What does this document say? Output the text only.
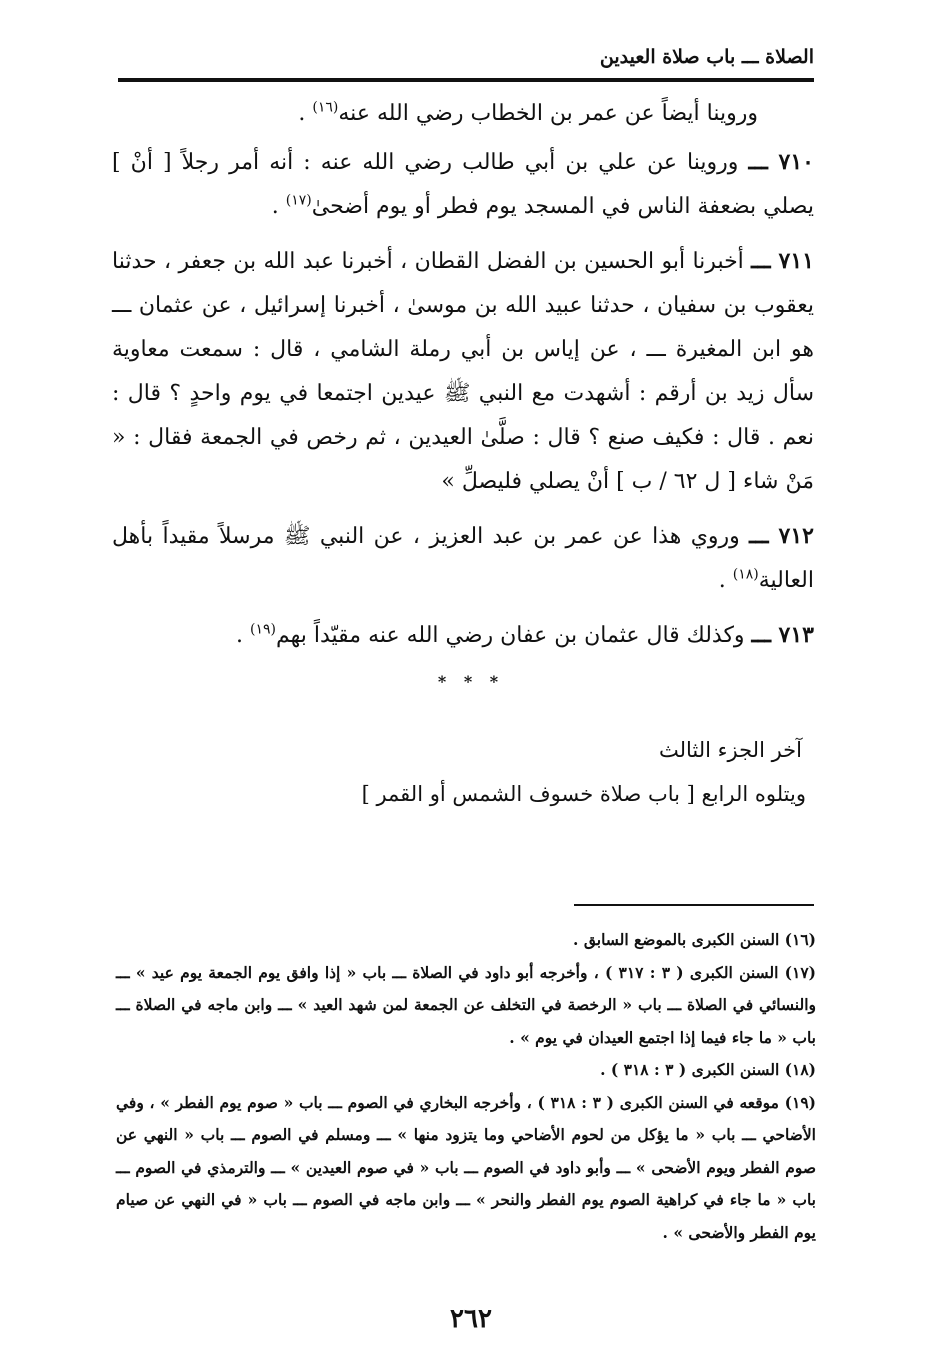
الصلاة ـــ باب صلاة العيدين

وروينا أيضاً عن عمر بن الخطاب رضي الله عنه$^{(١٦)}$ .

٧١٠ ـــ وروينا عن علي بن أبي طالب رضي الله عنه : أنه أمر رجلاً [ أنْ ] يصلي بضعفة الناس في المسجد يوم فطر أو يوم أضحىٰ$^{(١٧)}$ .

٧١١ ـــ أخبرنا أبو الحسين بن الفضل القطان ، أخبرنا عبد الله بن جعفر ، حدثنا يعقوب بن سفيان ، حدثنا عبيد الله بن موسىٰ ، أخبرنا إسرائيل ، عن عثمان ـــ هو ابن المغيرة ـــ ، عن إياس بن أبي رملة الشامي ، قال : سمعت معاوية سأل زيد بن أرقم : أشهدت مع النبي ﷺ عيدين اجتمعا في يوم واحدٍ ؟ قال : نعم . قال : فكيف صنع ؟ قال : صلَّىٰ العيدين ، ثم رخص في الجمعة فقال : « مَنْ شاء [ ل ٦٢ / ب ] أنْ يصلي فليصلِّ »

٧١٢ ـــ وروي هذا عن عمر بن عبد العزيز ، عن النبي ﷺ مرسلاً مقيداً بأهل العالية$^{(١٨)}$ .

٧١٣ ـــ وكذلك قال عثمان بن عفان رضي الله عنه مقيّداً بهم$^{(١٩)}$ .

* * *
آخر الجزء الثالث
ويتلوه الرابع [ باب صلاة خسوف الشمس أو القمر ]

(١٦) السنن الكبرى بالموضع السابق .

(١٧) السنن الكبرى ( ٣ : ٣١٧ ) ، وأخرجه أبو داود في الصلاة ـــ باب « إذا وافق يوم الجمعة يوم عيد » ـــ والنسائي في الصلاة ـــ باب « الرخصة في التخلف عن الجمعة لمن شهد العيد » ـــ وابن ماجه في الصلاة ـــ باب « ما جاء فيما إذا اجتمع العيدان في يوم » .

(١٨) السنن الكبرى ( ٣ : ٣١٨ ) .

(١٩) موقعه في السنن الكبرى ( ٣ : ٣١٨ ) ، وأخرجه البخاري في الصوم ـــ باب « صوم يوم الفطر » ، وفي الأضاحي ـــ باب « ما يؤكل من لحوم الأضاحي وما يتزود منها » ـــ ومسلم في الصوم ـــ باب « النهي عن صوم الفطر ويوم الأضحى » ـــ وأبو داود في الصوم ـــ باب « في صوم العيدين » ـــ والترمذي في الصوم ـــ باب « ما جاء في كراهية الصوم يوم الفطر والنحر » ـــ وابن ماجه في الصوم ـــ باب « في النهي عن صيام يوم الفطر والأضحى » .

٢٦٢
